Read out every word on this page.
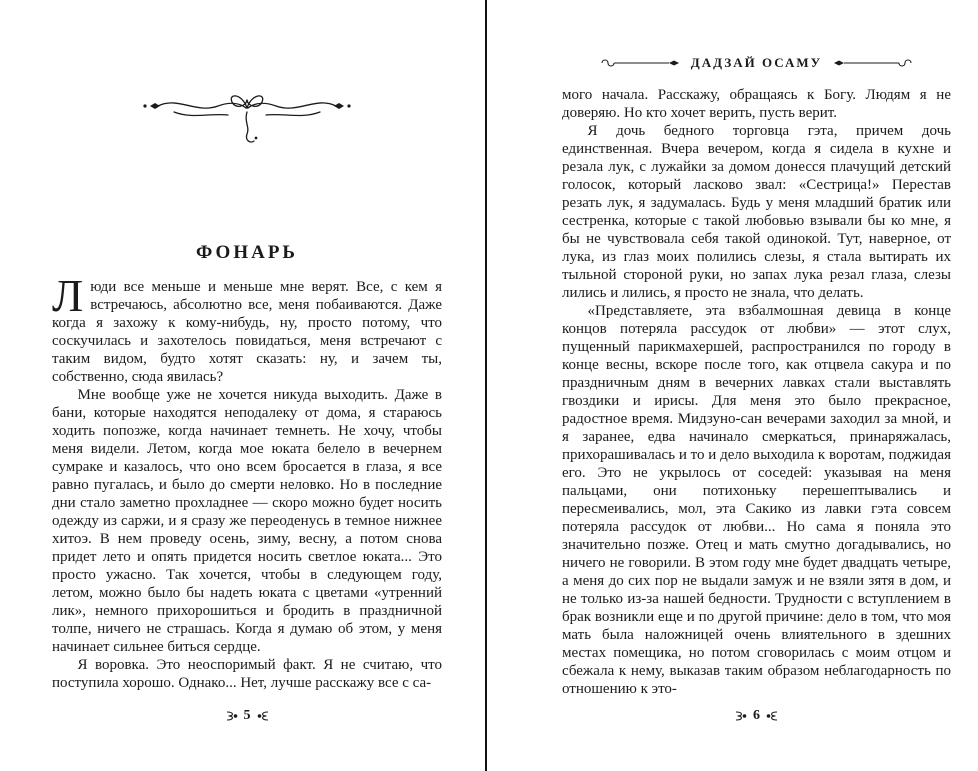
ФОНАРЬ

Люди все меньше и меньше мне верят. Все, с кем я встречаюсь, абсолютно все, меня побаиваются. Даже когда я захожу к кому-нибудь, ну, просто потому, что соскучилась и захотелось повидаться, меня встречают с таким видом, будто хотят сказать: ну, и зачем ты, собственно, сюда явилась?

Мне вообще уже не хочется никуда выходить. Даже в бани, которые находятся неподалеку от дома, я стараюсь ходить попозже, когда начинает темнеть. Не хочу, чтобы меня видели. Летом, когда мое юката белело в вечернем сумраке и казалось, что оно всем бросается в глаза, я все равно пугалась, и было до смерти неловко. Но в последние дни стало заметно прохладнее — скоро можно будет носить одежду из саржи, и я сразу же переоденусь в темное нижнее хитоэ. В нем проведу осень, зиму, весну, а потом снова придет лето и опять придется носить светлое юката... Это просто ужасно. Так хочется, чтобы в следующем году, летом, можно было бы надеть юката с цветами «утренний лик», немного прихорошиться и бродить в праздничной толпе, ничего не страшась. Когда я думаю об этом, у меня начинает сильнее биться сердце.

Я воровка. Это неоспоримый факт. Я не считаю, что поступила хорошо. Однако... Нет, лучше расскажу все с са-

5
ДАДЗАЙ ОСАМУ

мого начала. Расскажу, обращаясь к Богу. Людям я не доверяю. Но кто хочет верить, пусть верит.

Я дочь бедного торговца гэта, причем дочь единственная. Вчера вечером, когда я сидела в кухне и резала лук, с лужайки за домом донесся плачущий детский голосок, который ласково звал: «Сестрица!» Перестав резать лук, я задумалась. Будь у меня младший братик или сестренка, которые с такой любовью взывали бы ко мне, я бы не чувствовала себя такой одинокой. Тут, наверное, от лука, из глаз моих полились слезы, я стала вытирать их тыльной стороной руки, но запах лука резал глаза, слезы лились и лились, я просто не знала, что делать.

«Представляете, эта взбалмошная девица в конце концов потеряла рассудок от любви» — этот слух, пущенный парикмахершей, распространился по городу в конце весны, вскоре после того, как отцвела сакура и по праздничным дням в вечерних лавках стали выставлять гвоздики и ирисы. Для меня это было прекрасное, радостное время. Мидзуно-сан вечерами заходил за мной, и я заранее, едва начинало смеркаться, принаряжалась, прихорашивалась и то и дело выходила к воротам, поджидая его. Это не укрылось от соседей: указывая на меня пальцами, они потихоньку перешептывались и пересмеивались, мол, эта Сакико из лавки гэта совсем потеряла рассудок от любви... Но сама я поняла это значительно позже. Отец и мать смутно догадывались, но ничего не говорили. В этом году мне будет двадцать четыре, а меня до сих пор не выдали замуж и не взяли зятя в дом, и не только из-за нашей бедности. Трудности с вступлением в брак возникли еще и по другой причине: дело в том, что моя мать была наложницей очень влиятельного в здешних местах помещика, но потом сговорилась с моим отцом и сбежала к нему, выказав таким образом неблагодарность по отношению к это-

6
